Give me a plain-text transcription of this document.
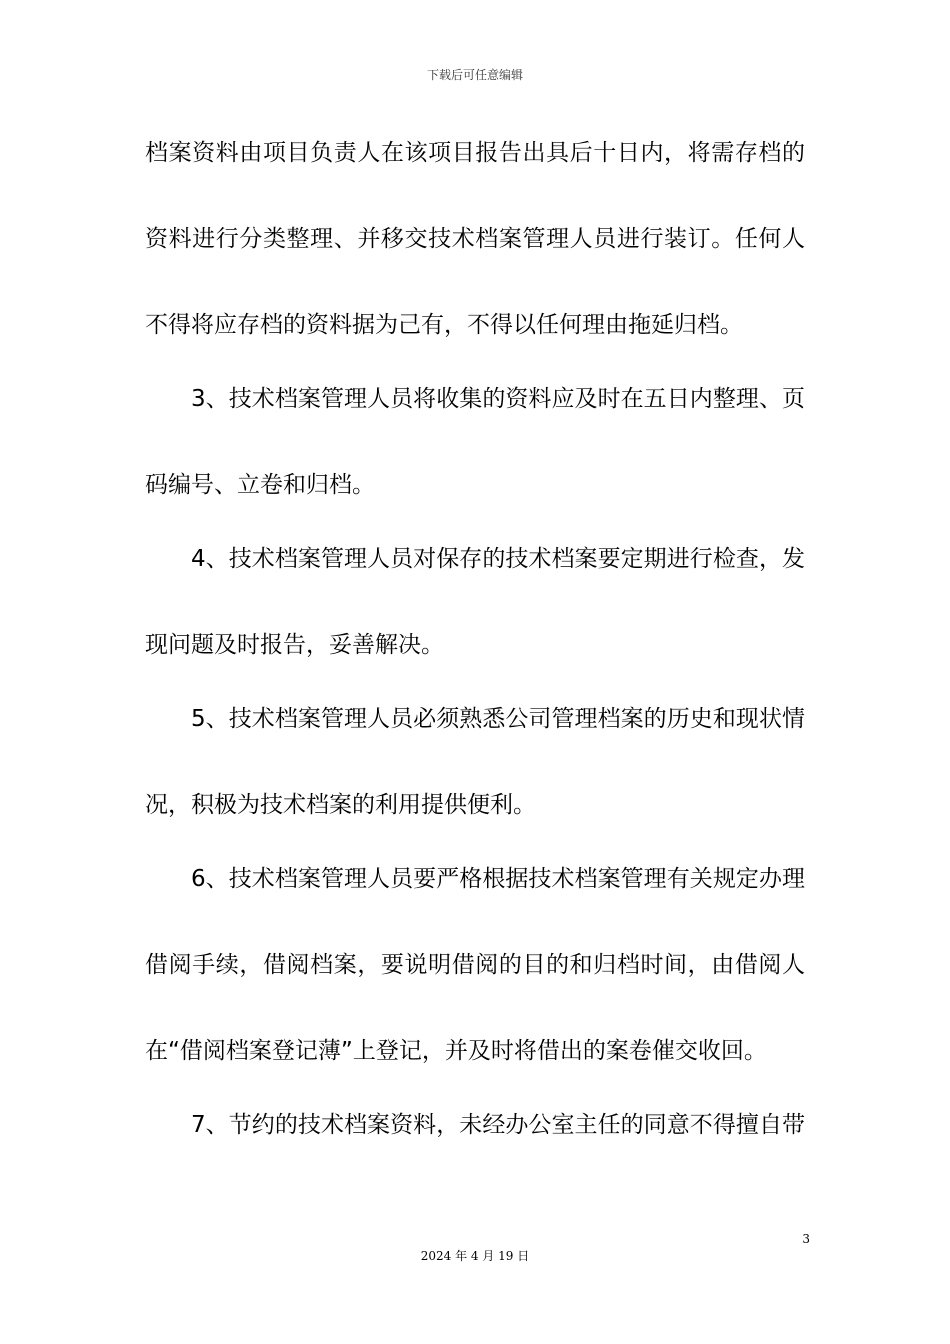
下载后可任意编辑
档案资料由项目负责人在该项目报告出具后十日内，将需存档的
资料进行分类整理、并移交技术档案管理人员进行装订。任何人
不得将应存档的资料据为己有，不得以任何理由拖延归档。
3、技术档案管理人员将收集的资料应及时在五日内整理、页
码编号、立卷和归档。
4、技术档案管理人员对保存的技术档案要定期进行检查，发
现问题及时报告，妥善解决。
5、技术档案管理人员必须熟悉公司管理档案的历史和现状情
况，积极为技术档案的利用提供便利。
6、技术档案管理人员要严格根据技术档案管理有关规定办理
借阅手续，借阅档案，要说明借阅的目的和归档时间，由借阅人
在“借阅档案登记薄”上登记，并及时将借出的案卷催交收回。
7、节约的技术档案资料，未经办公室主任的同意不得擅自带
3
2024 年 4 月 19 日
